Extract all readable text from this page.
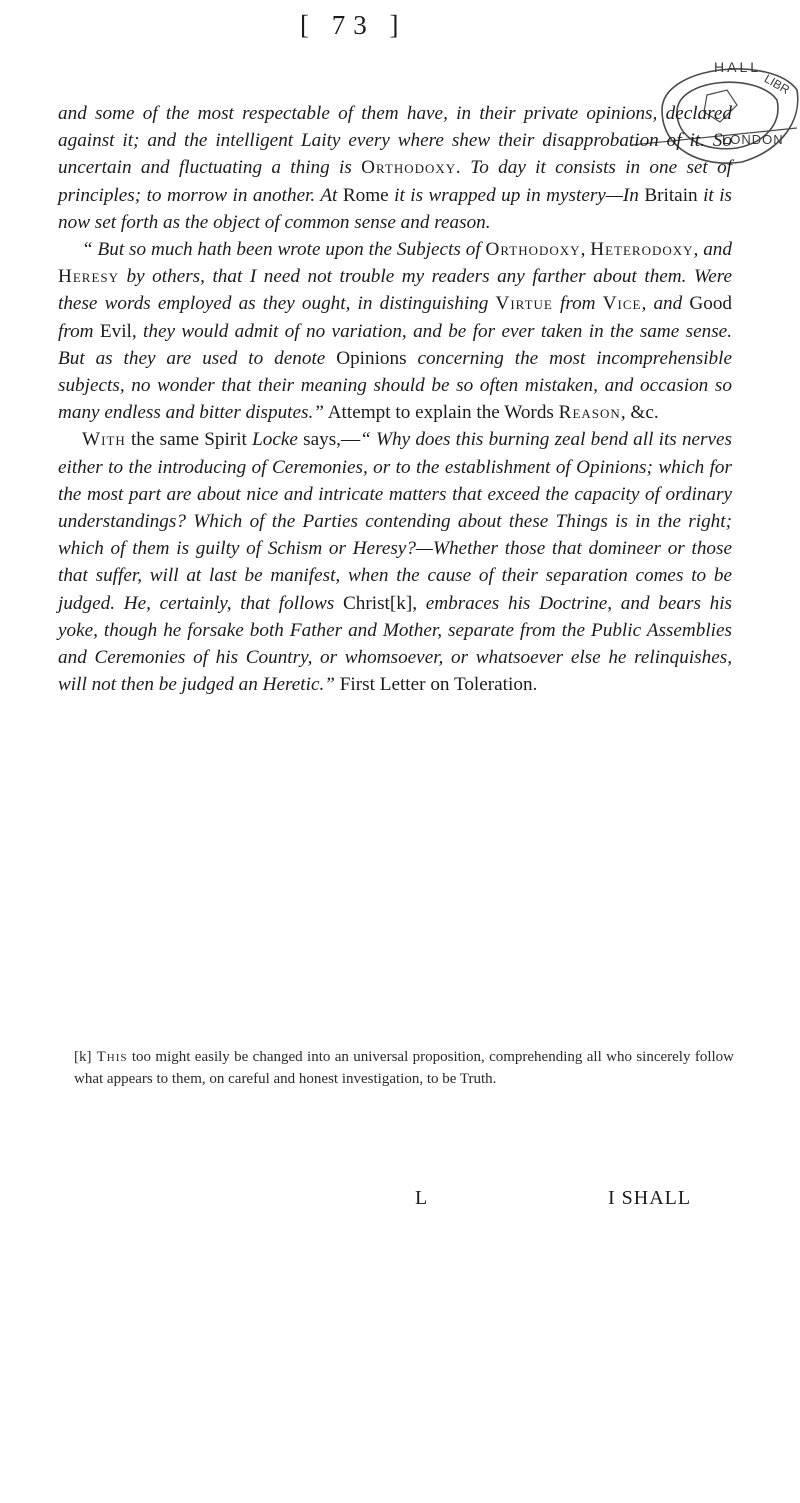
[ 73 ]
HALL
LIBR
LONDON

and some of the most respectable of them have, in their private opinions, declared against it; and the intelligent Laity every where shew their disapprobation of it. So uncertain and fluctuating a thing is Orthodoxy. To day it consists in one set of principles; to morrow in another. At Rome it is wrapped up in mystery—In Britain it is now set forth as the object of common sense and reason.

“ But so much hath been wrote upon the Subjects of Orthodoxy, Heterodoxy, and Heresy by others, that I need not trouble my readers any farther about them. Were these words employed as they ought, in distinguishing Virtue from Vice, and Good from Evil, they would admit of no variation, and be for ever taken in the same sense. But as they are used to denote Opinions concerning the most incomprehensible subjects, no wonder that their meaning should be so often mistaken, and occasion so many endless and bitter disputes.” Attempt to explain the Words Reason, &c.

With the same Spirit Locke says,—“ Why does this burning zeal bend all its nerves either to the introducing of Ceremonies, or to the establishment of Opinions; which for the most part are about nice and intricate matters that exceed the capacity of ordinary understandings? Which of the Parties contending about these Things is in the right; which of them is guilty of Schism or Heresy?—Whether those that domineer or those that suffer, will at last be manifest, when the cause of their separation comes to be judged. He, certainly, that follows Christ[k], embraces his Doctrine, and bears his yoke, though he forsake both Father and Mother, separate from the Public Assemblies and Ceremonies of his Country, or whomsoever, or whatsoever else he relinquishes, will not then be judged an Heretic.” First Letter on Toleration.

[k] This too might easily be changed into an universal proposition, comprehending all who sincerely follow what appears to them, on careful and honest investigation, to be Truth.
L	I SHALL
